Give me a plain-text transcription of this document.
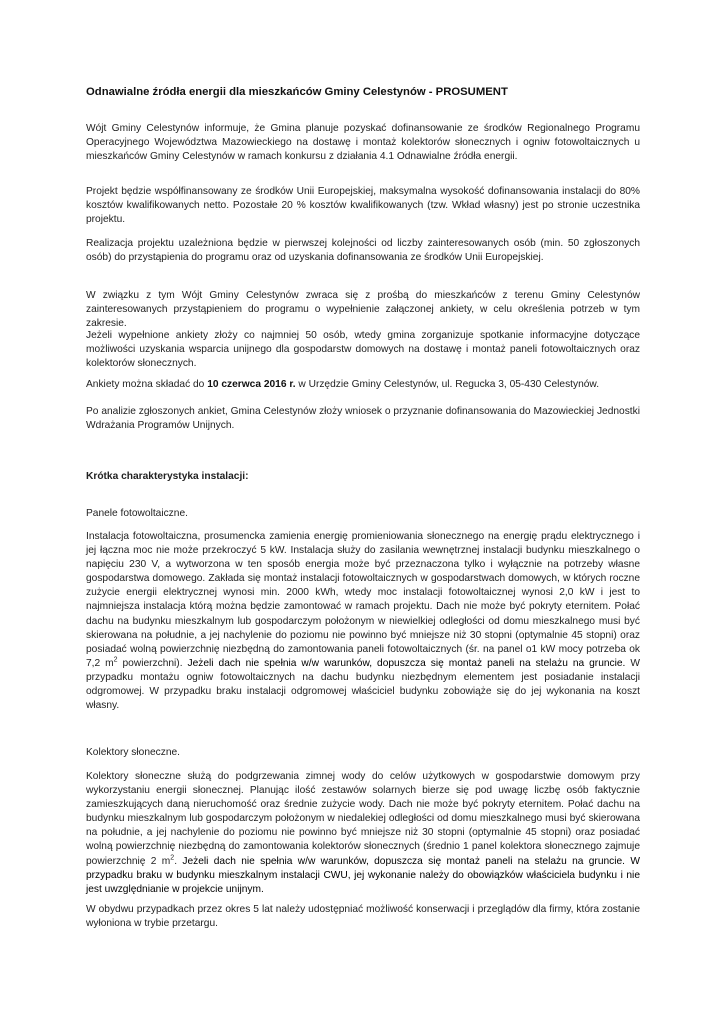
Odnawialne źródła energii dla mieszkańców Gminy Celestynów - PROSUMENT

Wójt Gminy Celestynów informuje, że Gmina planuje pozyskać dofinansowanie ze środków Regionalnego Programu Operacyjnego Województwa Mazowieckiego na dostawę i montaż kolektorów słonecznych i ogniw fotowoltaicznych u mieszkańców Gminy Celestynów w ramach konkursu z działania 4.1 Odnawialne źródła energii.

Projekt będzie współfinansowany ze środków Unii Europejskiej, maksymalna wysokość dofinansowania instalacji do 80% kosztów kwalifikowanych netto. Pozostałe 20 % kosztów kwalifikowanych (tzw. Wkład własny) jest po stronie uczestnika projektu.

Realizacja projektu uzależniona będzie w pierwszej kolejności od liczby zainteresowanych osób (min. 50 zgłoszonych osób) do przystąpienia do programu oraz od uzyskania dofinansowania ze środków Unii Europejskiej.

W związku z tym Wójt Gminy Celestynów zwraca się z prośbą do mieszkańców z terenu Gminy Celestynów zainteresowanych przystąpieniem do programu o wypełnienie załączonej ankiety, w celu określenia potrzeb w tym zakresie.

Jeżeli wypełnione ankiety złoży co najmniej 50 osób, wtedy gmina zorganizuje spotkanie informacyjne dotyczące możliwości uzyskania wsparcia unijnego dla gospodarstw domowych na dostawę i montaż paneli fotowoltaicznych oraz kolektorów słonecznych.

Ankiety można składać do 10 czerwca 2016 r. w Urzędzie Gminy Celestynów, ul. Regucka 3, 05-430 Celestynów.

Po analizie zgłoszonych ankiet, Gmina Celestynów złoży wniosek o przyznanie dofinansowania do Mazowieckiej Jednostki Wdrażania Programów Unijnych.

Krótka charakterystyka instalacji:

Panele fotowoltaiczne.

Instalacja fotowoltaiczna, prosumencka zamienia energię promieniowania słonecznego na energię prądu elektrycznego i jej łączna moc nie może przekroczyć 5 kW. Instalacja służy do zasilania wewnętrznej instalacji budynku mieszkalnego o napięciu 230 V, a wytworzona w ten sposób energia może być przeznaczona tylko i wyłącznie na potrzeby własne gospodarstwa domowego. Zakłada się montaż instalacji fotowoltaicznych w gospodarstwach domowych, w których roczne zużycie energii elektrycznej wynosi min. 2000 kWh, wtedy moc instalacji fotowoltaicznej wynosi 2,0 kW i jest to najmniejsza instalacja którą można będzie zamontować w ramach projektu. Dach nie może być pokryty eternitem. Połać dachu na budynku mieszkalnym lub gospodarczym położonym w niewielkiej odległości od domu mieszkalnego musi być skierowana na południe, a jej nachylenie do poziomu nie powinno być mniejsze niż 30 stopni (optymalnie 45 stopni) oraz posiadać wolną powierzchnię niezbędną do zamontowania paneli fotowoltaicznych (śr. na panel o1 kW mocy potrzeba ok 7,2 $m^2$ powierzchni). Jeżeli dach nie spełnia w/w warunków, dopuszcza się montaż paneli na stelażu na gruncie. W przypadku montażu ogniw fotowoltaicznych na dachu budynku niezbędnym elementem jest posiadanie instalacji odgromowej. W przypadku braku instalacji odgromowej właściciel budynku zobowiąże się do jej wykonania na koszt własny.

Kolektory słoneczne.

Kolektory słoneczne służą do podgrzewania zimnej wody do celów użytkowych w gospodarstwie domowym przy wykorzystaniu energii słonecznej. Planując ilość zestawów solarnych bierze się pod uwagę liczbę osób faktycznie zamieszkujących daną nieruchomość oraz średnie zużycie wody. Dach nie może być pokryty eternitem. Połać dachu na budynku mieszkalnym lub gospodarczym położonym w niedalekiej odległości od domu mieszkalnego musi być skierowana na południe, a jej nachylenie do poziomu nie powinno być mniejsze niż 30 stopni (optymalnie 45 stopni) oraz posiadać wolną powierzchnię niezbędną do zamontowania kolektorów słonecznych (średnio 1 panel kolektora słonecznego zajmuje powierzchnię 2 $m^2$. Jeżeli dach nie spełnia w/w warunków, dopuszcza się montaż paneli na stelażu na gruncie. W przypadku braku w budynku mieszkalnym instalacji CWU, jej wykonanie należy do obowiązków właściciela budynku i nie jest uwzględnianie w projekcie unijnym.

W obydwu przypadkach przez okres 5 lat należy udostępniać możliwość konserwacji i przeglądów dla firmy, która zostanie wyłoniona w trybie przetargu.
